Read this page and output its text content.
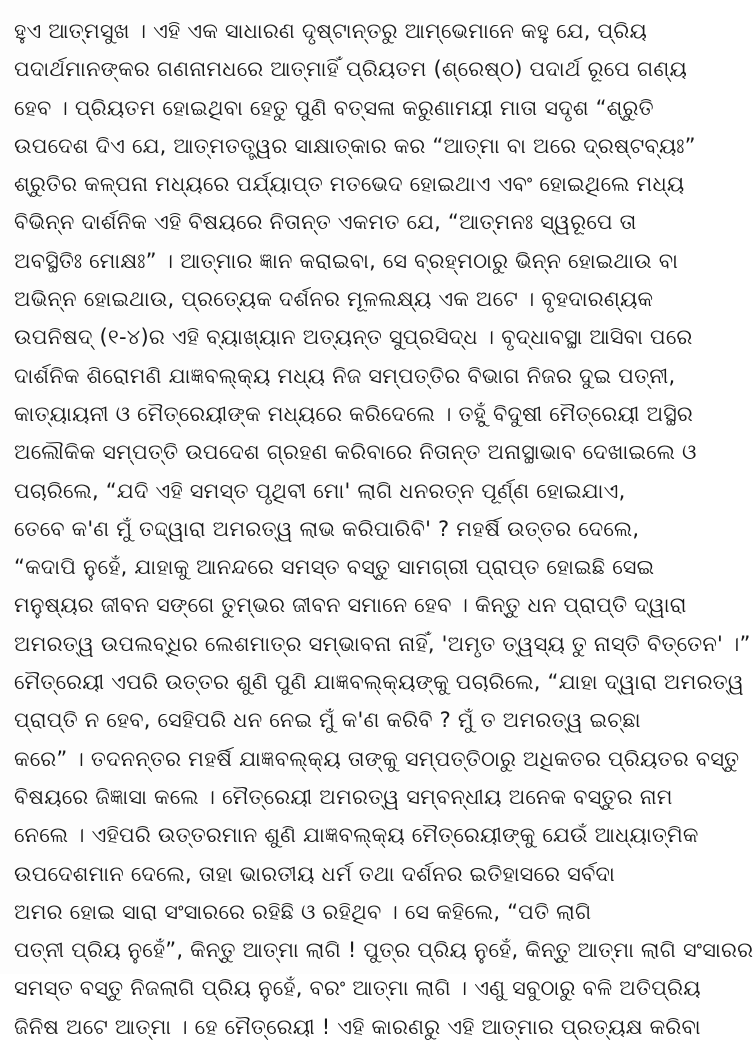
ହୁଏ ଆତ୍ମସୁଖ । ଏହି ଏକ ସାଧାରଣ ଦୃଷ୍ଟାନ୍ତରୁ ଆମ୍ଭେମାନେ କହୁ ଯେ, ପ୍ରିୟ
ପଦାର୍ଥମାନଙ୍କର ଗଣନାମଧରେ ଆତ୍ମାହିଁ ପ୍ରିୟତମ (ଶ୍ରେଷ୍ଠ) ପଦାର୍ଥ ରୂପେ ଗଣ୍ୟ
ହେବ । ପ୍ରିୟତମ ହୋଇଥିବା ହେତୁ ପୁଣି ବତ୍ସଳା କରୁଣାମୟୀ ମାତା ସଦୃଶ “ଶ୍ରୁତି
ଉପଦେଶ ଦିଏ ଯେ, ଆତ୍ମତତ୍ତ୍ୱର ସାକ୍ଷାତ୍କାର କର “ଆତ୍ମା ବା ଅରେ ଦ୍ରଷ୍ଟବ୍ୟଃ”
ଶ୍ରୁତିର କଳ୍ପନା ମଧ୍ୟରେ ପର୍ଯ୍ୟାପ୍ତ ମତଭେଦ ହୋଇଥାଏ ଏବଂ ହୋଇଥିଲେ ମଧ୍ୟ
ବିଭିନ୍ନ ଦାର୍ଶନିକ ଏହି ବିଷୟରେ ନିତାନ୍ତ ଏକମତ ଯେ, “ଆତ୍ମନଃ ସ୍ୱରୂପେ ତା
ଅବସ୍ଥିତିଃ ମୋକ୍ଷଃ” । ଆତ୍ମାର ଜ୍ଞାନ କରାଇବା, ସେ ବ୍ରହ୍ମଠାରୁ ଭିନ୍ନ ହୋଇଥାଉ ବା
ଅଭିନ୍ନ ହୋଇଥାଉ, ପ୍ରତ୍ୟେକ ଦର୍ଶନର ମୂଳଲକ୍ଷ୍ୟ ଏକ ଅଟେ । ବୃହଦାରଣ୍ୟକ
ଉପନିଷଦ୍ (୧-୪)ର ଏହି ବ୍ୟାଖ୍ୟାନ ଅତ୍ୟନ୍ତ ସୁପ୍ରସିଦ୍ଧ । ବୃଦ୍ଧାବସ୍ଥା ଆସିବା ପରେ
ଦାର୍ଶନିକ ଶିରୋମଣି ଯାଜ୍ଞବଲ୍କ୍ୟ ମଧ୍ୟ ନିଜ ସମ୍ପତ୍ତିର ବିଭାଗ ନିଜର ଦୁଇ ପତ୍ନୀ,
କାତ୍ୟାୟନୀ ଓ ମୈତ୍ରେୟୀଙ୍କ ମଧ୍ୟରେ କରିଦେଲେ । ତହୁଁ ବିଦୁଷୀ ମୈତ୍ରେୟୀ ଅସ୍ଥିର
ଅଲୌକିକ ସମ୍ପତ୍ତି ଉପଦେଶ ଗ୍ରହଣ କରିବାରେ ନିତାନ୍ତ ଅନାସ୍ଥାଭାବ ଦେଖାଇଲେ ଓ
ପଚାରିଲେ, “ଯଦି ଏହି ସମସ୍ତ ପୃଥିବୀ ମୋ' ଲାଗି ଧନରତ୍ନ ପୂର୍ଣ୍ଣ ହୋଇଯାଏ,
ତେବେ କ'ଣ ମୁଁ ତଦ୍ଦ୍ୱାରା ଅମରତ୍ୱ ଲାଭ କରିପାରିବି' ? ମହର୍ଷି ଉତ୍ତର ଦେଲେ,
“କଦାପି ନୁହେଁ, ଯାହାକୁ ଆନନ୍ଦରେ ସମସ୍ତ ବସ୍ତୁ ସାମଗ୍ରୀ ପ୍ରାପ୍ତ ହୋଇଛି ସେଇ
ମନୁଷ୍ୟର ଜୀବନ ସଙ୍ଗେ ତୁମ୍ଭର ଜୀବନ ସମାନେ ହେବ । କିନ୍ତୁ ଧନ ପ୍ରାପ୍ତି ଦ୍ୱାରା
ଅମରତ୍ୱ ଉପଲବ୍ଧିର ଲେଶମାତ୍ର ସମ୍ଭାବନା ନାହିଁ, 'ଅମୃତ ତ୍ୱସ୍ୟ ତୁ ନାସ୍ତି ବିତ୍ତେନ' ।”
ମୈତ୍ରେୟୀ ଏପରି ଉତ୍ତର ଶୁଣି ପୁଣି ଯାଜ୍ଞବଲ୍କ୍ୟଙ୍କୁ ପଚାରିଲେ, “ଯାହା ଦ୍ୱାରା ଅମରତ୍ୱ
ପ୍ରାପ୍ତି ନ ହେବ, ସେହିପରି ଧନ ନେଇ ମୁଁ କ'ଣ କରିବି ? ମୁଁ ତ ଅମରତ୍ୱ ଇଚ୍ଛା
କରେ” । ତଦନନ୍ତର ମହର୍ଷି ଯାଜ୍ଞବଲ୍କ୍ୟ ତାଙ୍କୁ ସମ୍ପତ୍ତିଠାରୁ ଅଧିକତର ପ୍ରିୟତର ବସ୍ତୁ
ବିଷୟରେ ଜିଜ୍ଞାସା କଲେ । ମୈତ୍ରେୟୀ ଅମରତ୍ୱ ସମ୍ବନ୍ଧୀୟ ଅନେକ ବସ୍ତୁର ନାମ
ନେଲେ । ଏହିପରି ଉତ୍ତରମାନ ଶୁଣି ଯାଜ୍ଞବଲ୍କ୍ୟ ମୈତ୍ରେୟୀଙ୍କୁ ଯେଉଁ ଆଧ୍ୟାତ୍ମିକ
ଉପଦେଶମାନ ଦେଲେ, ତାହା ଭାରତୀୟ ଧର୍ମ ତଥା ଦର୍ଶନର ଇତିହାସରେ ସର୍ବଦା
ଅମର ହୋଇ ସାରା ସଂସାରରେ ରହିଛି ଓ ରହିଥିବ । ସେ କହିଲେ, “ପତି ଲାଗି
ପତ୍ନୀ ପ୍ରିୟ ନୁହେଁ”, କିନ୍ତୁ ଆତ୍ମା ଲାଗି ! ପୁତ୍ର ପ୍ରିୟ ନୁହେଁ, କିନ୍ତୁ ଆତ୍ମା ଲାଗି ସଂସାରର
ସମସ୍ତ ବସ୍ତୁ ନିଜଲାଗି ପ୍ରିୟ ନୁହେଁ, ବରଂ ଆତ୍ମା ଲାଗି । ଏଣୁ ସବୁଠାରୁ ବଳି ଅତିପ୍ରିୟ
ଜିନିଷ ଅଟେ ଆତ୍ମା । ହେ ମୈତ୍ରେୟୀ ! ଏହି କାରଣରୁ ଏହି ଆତ୍ମାର ପ୍ରତ୍ୟକ୍ଷ କରିବା
